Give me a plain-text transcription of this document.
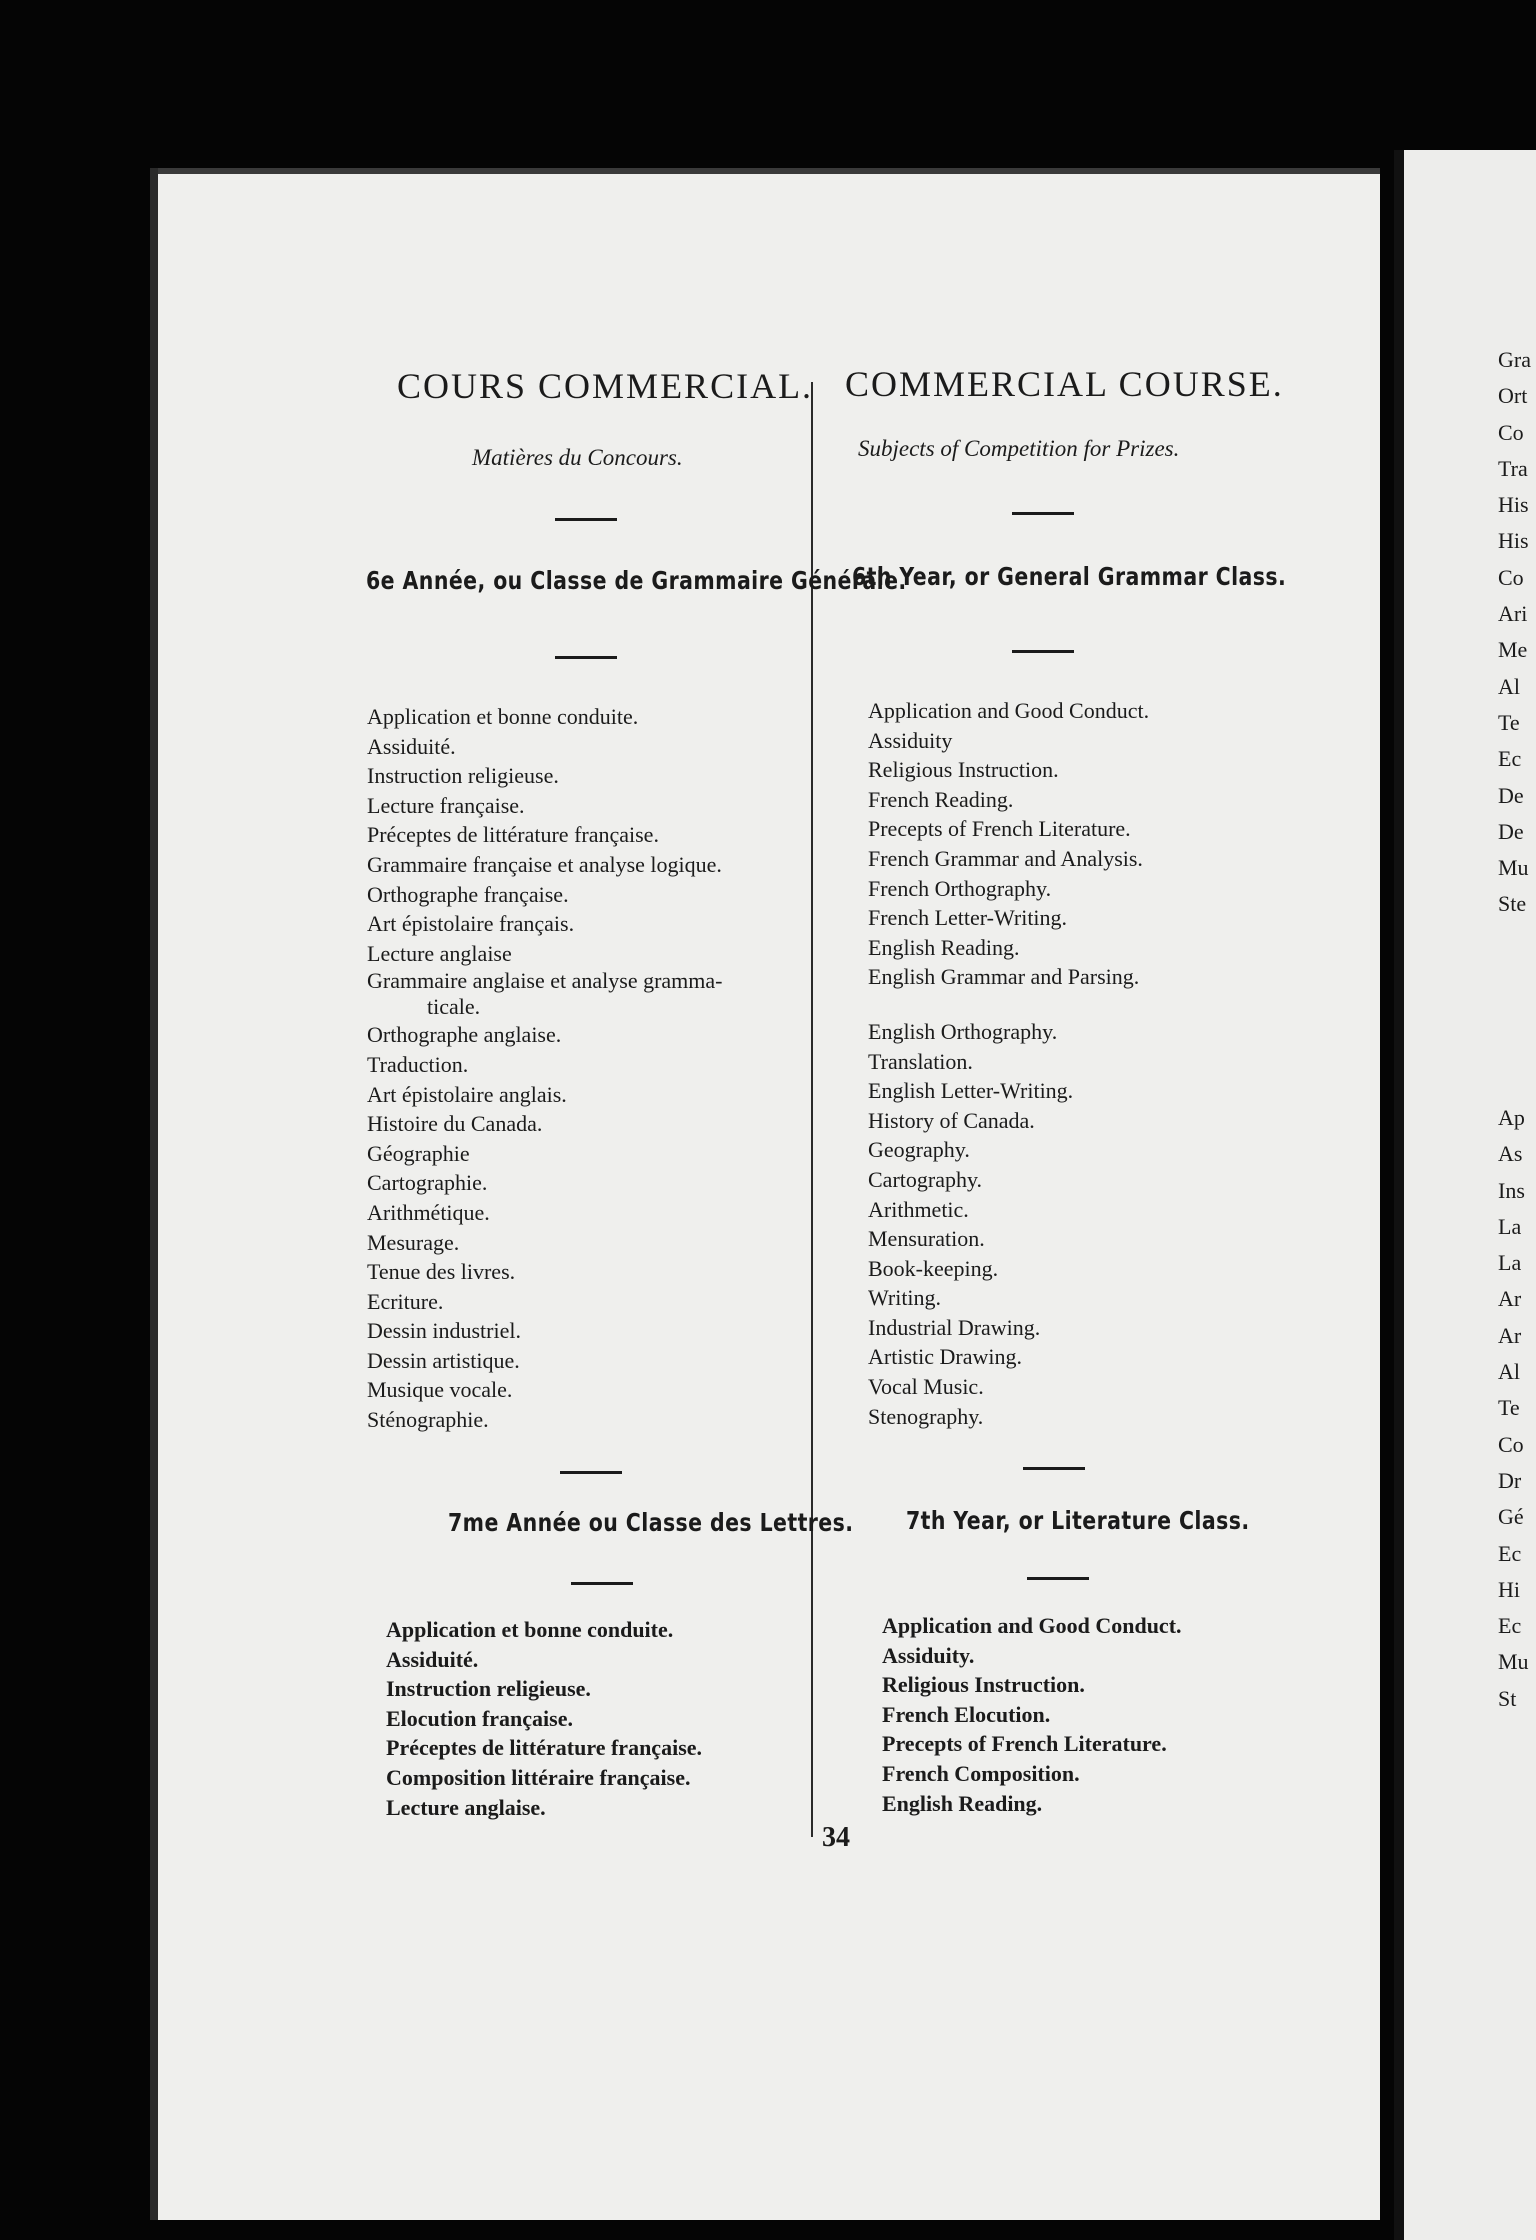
COURS COMMERCIAL.
Matières du Concours.
6e Année, ou Classe de Grammaire Générale.
Application et bonne conduite.
Assiduité.
Instruction religieuse.
Lecture française.
Préceptes de littérature française.
Grammaire française et analyse logique.
Orthographe française.
Art épistolaire français.
Lecture anglaise
Grammaire anglaise et analyse gramma-
ticale.
Orthographe anglaise.
Traduction.
Art épistolaire anglais.
Histoire du Canada.
Géographie
Cartographie.
Arithmétique.
Mesurage.
Tenue des livres.
Ecriture.
Dessin industriel.
Dessin artistique.
Musique vocale.
Sténographie.
7me Année ou Classe des Lettres.
Application et bonne conduite.
Assiduité.
Instruction religieuse.
Elocution française.
Préceptes de littérature française.
Composition littéraire française.
Lecture anglaise.
COMMERCIAL COURSE.
Subjects of Competition for Prizes.
6th Year, or General Grammar Class.
Application and Good Conduct.
Assiduity
Religious Instruction.
French Reading.
Precepts of French Literature.
French Grammar and Analysis.
French Orthography.
French Letter-Writing.
English Reading.
English Grammar and Parsing.
English Orthography.
Translation.
English Letter-Writing.
History of Canada.
Geography.
Cartography.
Arithmetic.
Mensuration.
Book-keeping.
Writing.
Industrial Drawing.
Artistic Drawing.
Vocal Music.
Stenography.
7th Year, or Literature Class.
Application and Good Conduct.
Assiduity.
Religious Instruction.
French Elocution.
Precepts of French Literature.
French Composition.
English Reading.
34
Gra
Ort
Co
Tra
His
His
Co
Ari
Me
Al
Te
Ec
De
De
Mu
Ste
Ap
As
Ins
La
La
Ar
Ar
Al
Te
Co
Dr
Gé
Ec
Hi
Ec
Mu
St
